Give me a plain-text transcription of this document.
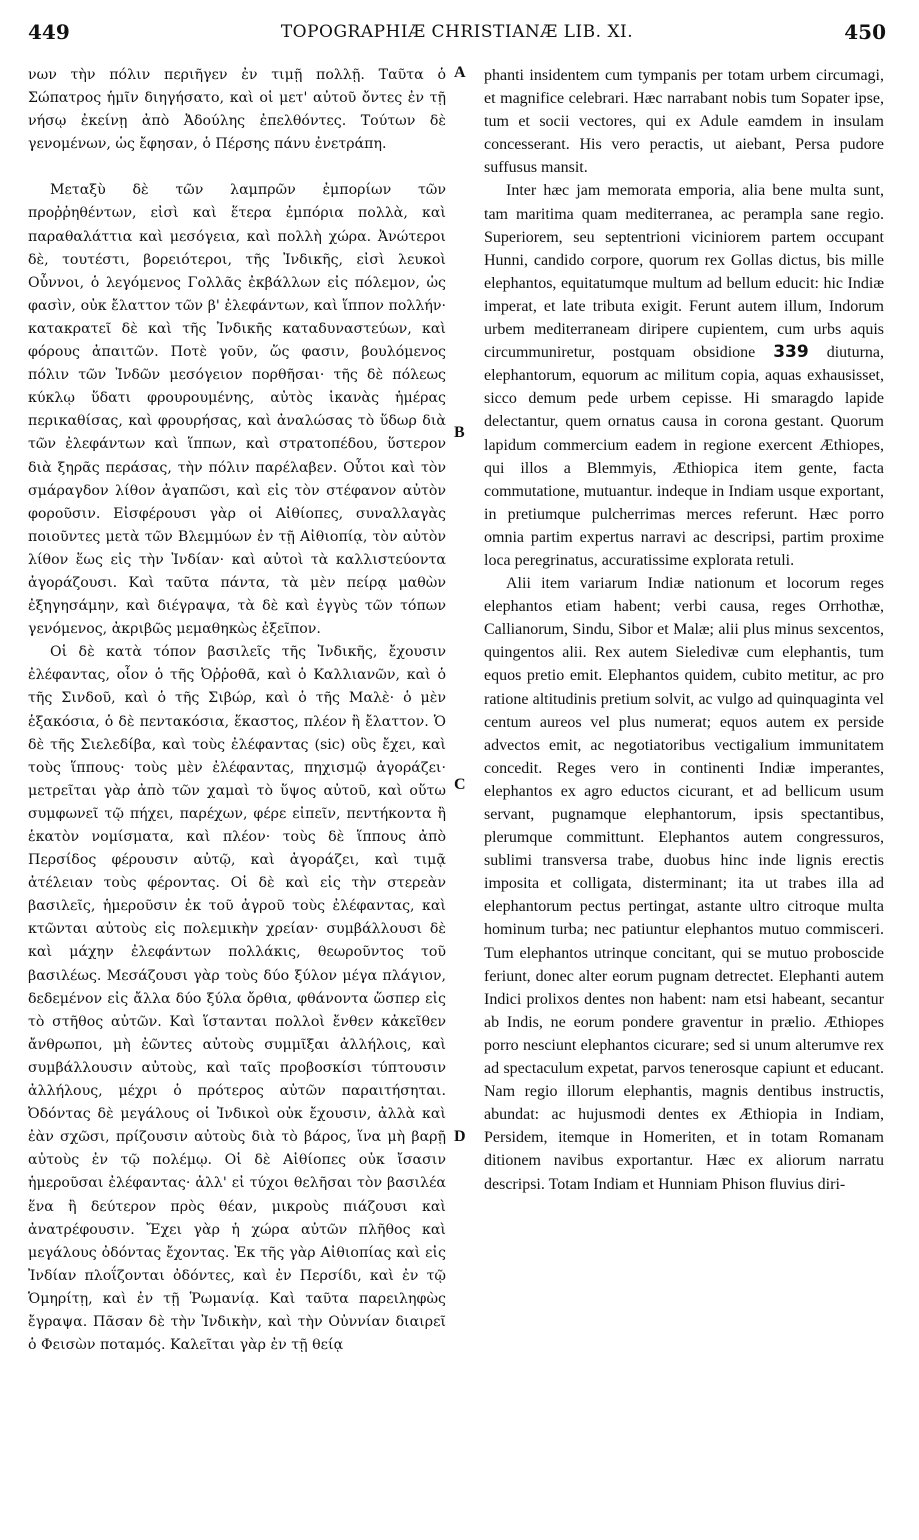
449	TOPOGRAPHIÆ CHRISTIANÆ LIB. XI.	450

νων τὴν πόλιν περιῆγεν ἐν τιμῇ πολλῇ. Ταῦτα ὁ Σώπατρος ἡμῖν διηγήσατο, καὶ οἱ μετ' αὐτοῦ ὄντες ἐν τῇ νήσῳ ἐκείνῃ ἀπὸ Ἀδούλης ἐπελθόντες. Τούτων δὲ γενομένων, ὡς ἔφησαν, ὁ Πέρσης πάνυ ἐνετράπη.

Μεταξὺ δὲ τῶν λαμπρῶν ἐμπορίων τῶν προῤῥηθέντων, εἰσὶ καὶ ἕτερα ἐμπόρια πολλὰ, καὶ παραθαλάττια καὶ μεσόγεια, καὶ πολλὴ χώρα. Ἀνώτεροι δὲ, τουτέστι, βορειότεροι, τῆς Ἰνδικῆς, εἰσὶ λευκοὶ Οὖννοι, ὁ λεγόμενος Γολλᾶς ἐκβάλλων εἰς πόλεμον, ὡς φασὶν, οὐκ ἔλαττον τῶν β' ἐλεφάντων, καὶ ἵππον πολλήν· κατακρατεῖ δὲ καὶ τῆς Ἰνδικῆς καταδυναστεύων, καὶ φόρους ἀπαιτῶν. Ποτὲ γοῦν, ὥς φασιν, βουλόμενος πόλιν τῶν Ἰνδῶν μεσόγειον πορθῆσαι· τῆς δὲ πόλεως κύκλῳ ὕδατι φρουρουμένης, αὐτὸς ἱκανὰς ἡμέρας περικαθίσας, καὶ φρουρήσας, καὶ ἀναλώσας τὸ ὕδωρ διὰ τῶν ἐλεφάντων καὶ ἵππων, καὶ στρατοπέδου, ὕστερον διὰ ξηρᾶς περάσας, τὴν πόλιν παρέλαβεν. Οὗτοι καὶ τὸν σμάραγδον λίθον ἀγαπῶσι, καὶ εἰς τὸν στέφανον αὐτὸν φοροῦσιν. Εἰσφέρουσι γὰρ οἱ Αἰθίοπες, συναλλαγὰς ποιοῦντες μετὰ τῶν Βλεμμύων ἐν τῇ Αἰθιοπίᾳ, τὸν αὐτὸν λίθον ἕως εἰς τὴν Ἰνδίαν· καὶ αὐτοὶ τὰ καλλιστεύοντα ἀγοράζουσι. Καὶ ταῦτα πάντα, τὰ μὲν πείρᾳ μαθὼν ἐξηγησάμην, καὶ διέγραψα, τὰ δὲ καὶ ἐγγὺς τῶν τόπων γενόμενος, ἀκριβῶς μεμαθηκὼς ἐξεῖπον.

Οἱ δὲ κατὰ τόπον βασιλεῖς τῆς Ἰνδικῆς, ἔχουσιν ἐλέφαντας, οἷον ὁ τῆς Ὀῤῥοθᾶ, καὶ ὁ Καλλιανῶν, καὶ ὁ τῆς Σινδοῦ, καὶ ὁ τῆς Σιβώρ, καὶ ὁ τῆς Μαλὲ· ὁ μὲν ἑξακόσια, ὁ δὲ πεντακόσια, ἕκαστος, πλέον ἢ ἔλαττον. Ὁ δὲ τῆς Σιελεδίβα, καὶ τοὺς ἐλέφαντας (sic) οὓς ἔχει, καὶ τοὺς ἵππους· τοὺς μὲν ἐλέφαντας, πηχισμῷ ἀγοράζει· μετρεῖται γὰρ ἀπὸ τῶν χαμαὶ τὸ ὕψος αὐτοῦ, καὶ οὕτω συμφωνεῖ τῷ πήχει, παρέχων, φέρε εἰπεῖν, πεντήκοντα ἢ ἑκατὸν νομίσματα, καὶ πλέον· τοὺς δὲ ἵππους ἀπὸ Περσίδος φέρουσιν αὐτῷ, καὶ ἀγοράζει, καὶ τιμᾷ ἀτέλειαν τοὺς φέροντας. Οἱ δὲ καὶ εἰς τὴν στερεὰν βασιλεῖς, ἡμεροῦσιν ἐκ τοῦ ἀγροῦ τοὺς ἐλέφαντας, καὶ κτῶνται αὐτοὺς εἰς πολεμικὴν χρείαν· συμβάλλουσι δὲ καὶ μάχην ἐλεφάντων πολλάκις, θεωροῦντος τοῦ βασιλέως. Μεσάζουσι γὰρ τοὺς δύο ξύλον μέγα πλάγιον, δεδεμένον εἰς ἄλλα δύο ξύλα ὄρθια, φθάνοντα ὥσπερ εἰς τὸ στῆθος αὐτῶν. Καὶ ἵστανται πολλοὶ ἔνθεν κἀκεῖθεν ἄνθρωποι, μὴ ἐῶντες αὐτοὺς συμμῖξαι ἀλλήλοις, καὶ συμβάλλουσιν αὐτοὺς, καὶ ταῖς προβοσκίσι τύπτουσιν ἀλλήλους, μέχρι ὁ πρότερος αὐτῶν παραιτήσηται. Ὀδόντας δὲ μεγάλους οἱ Ἰνδικοὶ οὐκ ἔχουσιν, ἀλλὰ καὶ ἐὰν σχῶσι, πρίζουσιν αὐτοὺς διὰ τὸ βάρος, ἵνα μὴ βαρῇ αὐτοὺς ἐν τῷ πολέμῳ. Οἱ δὲ Αἰθίοπες οὐκ ἴσασιν ἡμεροῦσαι ἐλέφαντας· ἀλλ' εἰ τύχοι θελῆσαι τὸν βασιλέα ἕνα ἢ δεύτερον πρὸς θέαν, μικροὺς πιάζουσι καὶ ἀνατρέφουσιν. Ἔχει γὰρ ἡ χώρα αὐτῶν πλῆθος καὶ μεγάλους ὀδόντας ἔχοντας. Ἐκ τῆς γὰρ Αἰθιοπίας καὶ εἰς Ἰνδίαν πλοΐζονται ὀδόντες, καὶ ἐν Περσίδι, καὶ ἐν τῷ Ὁμηρίτῃ, καὶ ἐν τῇ Ῥωμανίᾳ. Καὶ ταῦτα παρειληφὼς ἔγραψα. Πᾶσαν δὲ τὴν Ἰνδικὴν, καὶ τὴν Οὐννίαν διαιρεῖ ὁ Φεισὼν ποταμός. Καλεῖται γὰρ ἐν τῇ θείᾳ

A
B
C
D

phanti insidentem cum tympanis per totam urbem circumagi, et magnifice celebrari. Hæc narrabant nobis tum Sopater ipse, tum et socii vectores, qui ex Adule eamdem in insulam concesserant. His vero peractis, ut aiebant, Persa pudore suffusus mansit.

Inter hæc jam memorata emporia, alia bene multa sunt, tam maritima quam mediterranea, ac perampla sane regio. Superiorem, seu septentrioni viciniorem partem occupant Hunni, candido corpore, quorum rex Gollas dictus, bis mille elephantos, equitatumque multum ad bellum educit: hic Indiæ imperat, et late tributa exigit. Ferunt autem illum, Indorum urbem mediterraneam diripere cupientem, cum urbs aquis circummuniretur, postquam obsidione 339 diuturna, elephantorum, equorum ac militum copia, aquas exhausisset, sicco demum pede urbem cepisse. Hi smaragdo lapide delectantur, quem ornatus causa in corona gestant. Quorum lapidum commercium eadem in regione exercent Æthiopes, qui illos a Blemmyis, Æthiopica item gente, facta commutatione, mutuantur. indeque in Indiam usque exportant, in pretiumque pulcherrimas merces referunt. Hæc porro omnia partim expertus narravi ac descripsi, partim proxime loca peregrinatus, accuratissime explorata retuli.

Alii item variarum Indiæ nationum et locorum reges elephantos etiam habent; verbi causa, reges Orrhothæ, Callianorum, Sindu, Sibor et Malæ; alii plus minus sexcentos, quingentos alii. Rex autem Sieledivæ cum elephantis, tum equos pretio emit. Elephantos quidem, cubito metitur, ac pro ratione altitudinis pretium solvit, ac vulgo ad quinquaginta vel centum aureos vel plus numerat; equos autem ex perside advectos emit, ac negotiatoribus vectigalium immunitatem concedit. Reges vero in continenti Indiæ imperantes, elephantos ex agro eductos cicurant, et ad bellicum usum servant, pugnamque elephantorum, ipsis spectantibus, plerumque committunt. Elephantos autem congressuros, sublimi transversa trabe, duobus hinc inde lignis erectis imposita et colligata, disterminant; ita ut trabes illa ad elephantorum pectus pertingat, astante ultro citroque multa hominum turba; nec patiuntur elephantos mutuo commisceri. Tum elephantos utrinque concitant, qui se mutuo proboscide feriunt, donec alter eorum pugnam detrectet. Elephanti autem Indici prolixos dentes non habent: nam etsi habeant, secantur ab Indis, ne eorum pondere graventur in prælio. Æthiopes porro nesciunt elephantos cicurare; sed si unum alterumve rex ad spectaculum expetat, parvos tenerosque capiunt et educant. Nam regio illorum elephantis, magnis dentibus instructis, abundat: ac hujusmodi dentes ex Æthiopia in Indiam, Persidem, itemque in Homeriten, et in totam Romanam ditionem navibus exportantur. Hæc ex aliorum narratu descripsi. Totam Indiam et Hunniam Phison fluvius diri-
